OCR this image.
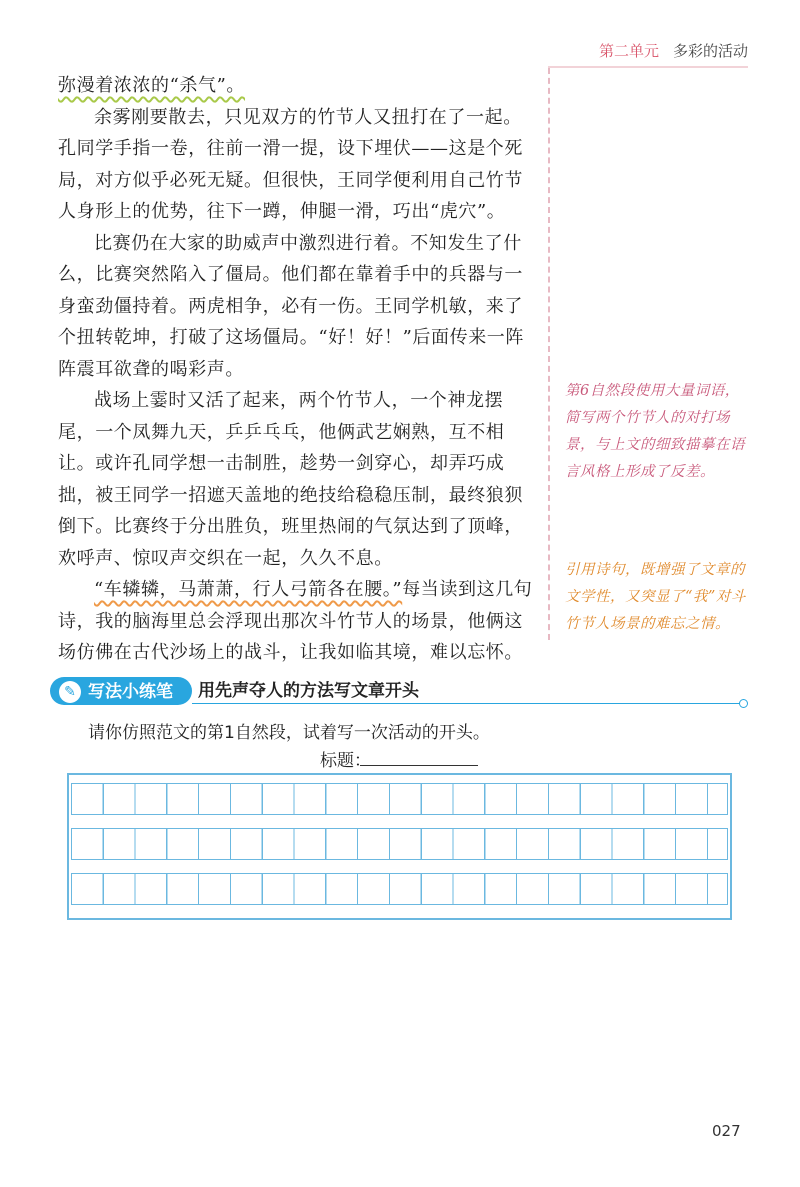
第二单元 多彩的活动

弥漫着浓浓的“杀气”。

余雾刚要散去，只见双方的竹节人又扭打在了一起。孔同学手指一卷，往前一滑一提，设下埋伏——这是个死局，对方似乎必死无疑。但很快，王同学便利用自己竹节人身形上的优势，往下一蹲，伸腿一滑，巧出“虎穴”。

比赛仍在大家的助威声中激烈进行着。不知发生了什么，比赛突然陷入了僵局。他们都在靠着手中的兵器与一身蛮劲僵持着。两虎相争，必有一伤。王同学机敏，来了个扭转乾坤，打破了这场僵局。“好！好！”后面传来一阵阵震耳欲聋的喝彩声。

战场上霎时又活了起来，两个竹节人，一个神龙摆尾，一个凤舞九天，乒乒乓乓，他俩武艺娴熟，互不相让。或许孔同学想一击制胜，趁势一剑穿心，却弄巧成拙，被王同学一招遮天盖地的绝技给稳稳压制，最终狼狈倒下。比赛终于分出胜负，班里热闹的气氛达到了顶峰，欢呼声、惊叹声交织在一起，久久不息。

“车辚辚，马萧萧，行人弓箭各在腰。”每当读到这几句诗，我的脑海里总会浮现出那次斗竹节人的场景，他俩这场仿佛在古代沙场上的战斗，让我如临其境，难以忘怀。

第6自然段使用大量词语，简写两个竹节人的对打场景，与上文的细致描摹在语言风格上形成了反差。
引用诗句，既增强了文章的文学性，又突显了“我”对斗竹节人场景的难忘之情。
✎ 写法小练笔 用先声夺人的方法写文章开头
请你仿照范文的第1自然段，试着写一次活动的开头。
标题：
027
